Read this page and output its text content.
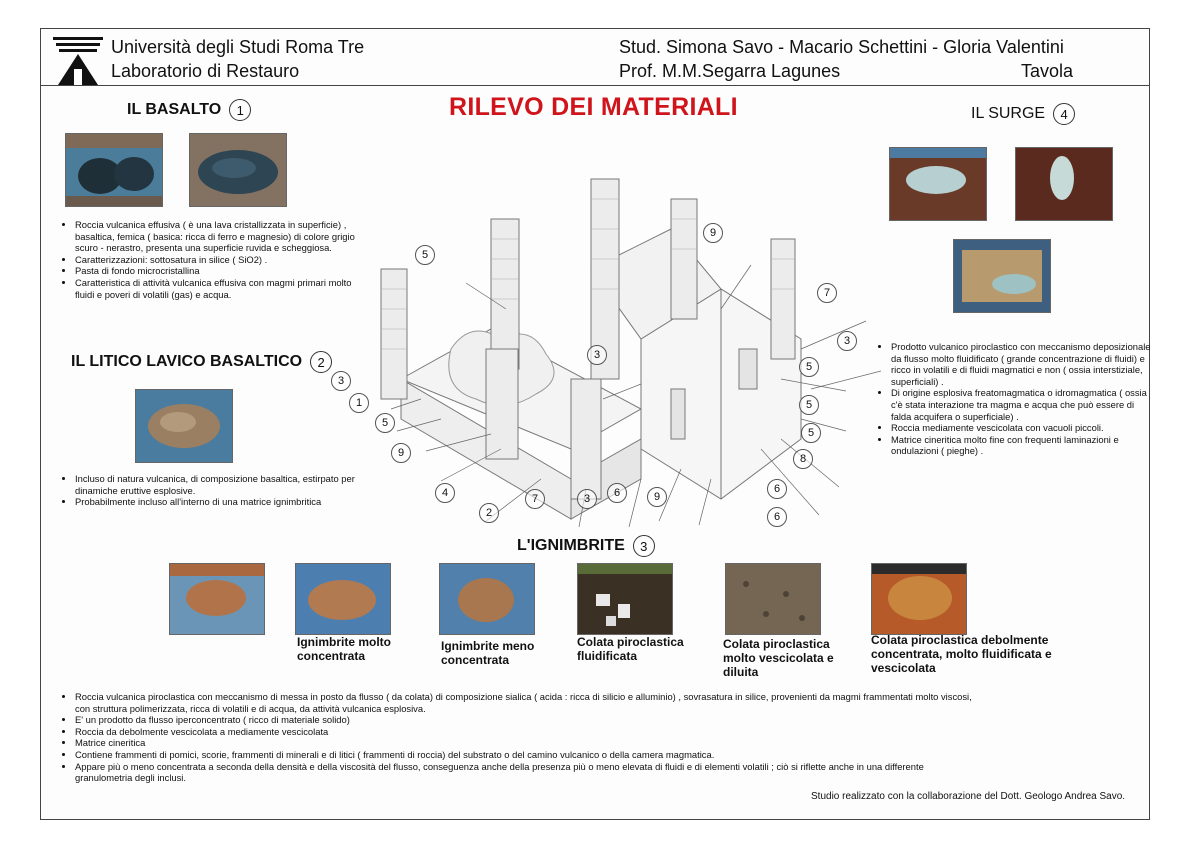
Università degli Studi Roma Tre
Laboratorio di Restauro
Stud. Simona Savo - Macario Schettini - Gloria Valentini
Prof. M.M.Segarra Lagunes	Tavola
RILEVO DEI MATERIALI
IL BASALTO	1
• Roccia vulcanica effusiva ( è una lava cristallizzata in superficie) , basaltica, femica ( basica: ricca di ferro e magnesio) di colore grigio scuro - nerastro, presenta una superficie ruvida e scheggiosa.
• Caratterizzazioni: sottosatura in silice ( SiO2) .
• Pasta di fondo microcristallina
• Caratteristica di attività vulcanica effusiva con magmi primari molto fluidi e poveri di volatili (gas) e acqua.
IL LITICO LAVICO BASALTICO	2
• Incluso di natura vulcanica, di composizione basaltica, estirpato per dinamiche eruttive esplosive.
• Probabilmente incluso all'interno di una matrice ignimbritica
IL SURGE	4
• Prodotto vulcanico piroclastico con meccanismo deposizionale da flusso molto fluidificato ( grande concentrazione di fluidi) e ricco in volatili e di fluidi magmatici e non ( ossia interstiziale, superficiali) .
• Di origine esplosiva freatomagmatica o idromagmatica ( ossia c'è stata interazione tra magma e acqua che può essere di falda acquifera o superficiale) .
• Roccia mediamente vescicolata con vacuoli piccoli.
• Matrice cineritica molto fine con frequenti laminazioni e ondulazioni ( pieghe) .
5
9
7
3
5
3
5
3
1
5
9
4
2
7	3	6	9
6
8
5
6
L'IGNIMBRITE	3
Ignimbrite molto concentrata
Ignimbrite meno concentrata
Colata piroclastica fluidificata
Colata piroclastica molto vescicolata e diluita
Colata piroclastica debolmente concentrata, molto fluidificata e vescicolata
• Roccia vulcanica piroclastica con meccanismo di messa in posto da flusso ( da colata) di composizione sialica ( acida : ricca di silicio e alluminio) , sovrasatura in silice, provenienti da magmi frammentati molto viscosi, con struttura polimerizzata, ricca di volatili e di acqua, da attività vulcanica esplosiva.
• E' un prodotto da flusso iperconcentrato ( ricco di materiale solido)
• Roccia da debolmente vescicolata a mediamente vescicolata
• Matrice cineritica
• Contiene frammenti di pomici, scorie, frammenti di minerali e di litici ( frammenti di roccia) del substrato o del camino vulcanico o della camera magmatica.
• Appare più o meno concentrata a seconda della densità e della viscosità del flusso, conseguenza anche della presenza più o meno elevata di fluidi e di elementi volatili ; ciò si riflette anche in una differente granulometria degli inclusi.
Studio realizzato con la collaborazione del Dott. Geologo Andrea Savo.
